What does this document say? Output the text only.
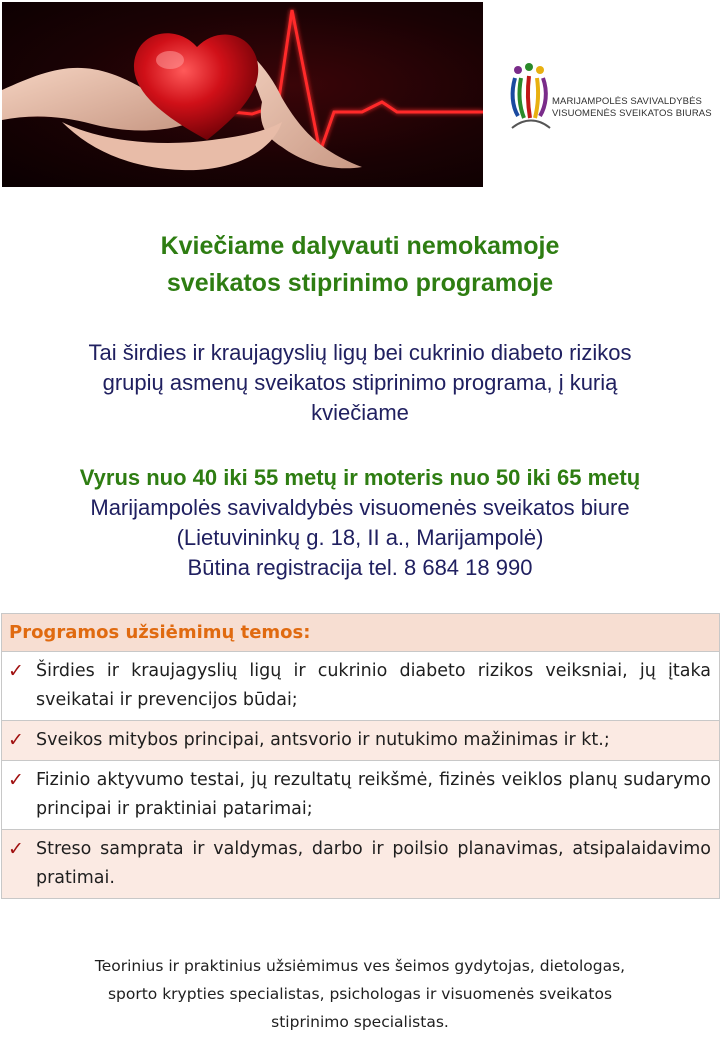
MARIJAMPOLĖS SAVIVALDYBĖS
VISUOMENĖS SVEIKATOS BIURAS
Kviečiame dalyvauti nemokamoje
sveikatos stiprinimo programoje
Tai širdies ir kraujagyslių ligų bei cukrinio diabeto rizikos
grupių asmenų sveikatos stiprinimo programa, į kurią
kviečiame
Vyrus nuo 40 iki 55 metų ir moteris nuo 50 iki 65 metų
Marijampolės savivaldybės visuomenės sveikatos biure
(Lietuvininkų g. 18, II a., Marijampolė)
Būtina registracija tel. 8 684 18 990
Programos užsiėmimų temos:
✓ Širdies ir kraujagyslių ligų ir cukrinio diabeto rizikos veiksniai, jų įtaka sveikatai ir prevencijos būdai;
✓ Sveikos mitybos principai, antsvorio ir nutukimo mažinimas ir kt.;
✓ Fizinio aktyvumo testai, jų rezultatų reikšmė, fizinės veiklos planų sudarymo principai ir praktiniai patarimai;
✓ Streso samprata ir valdymas, darbo ir poilsio planavimas, atsipalaidavimo pratimai.
Teorinius ir praktinius užsiėmimus ves šeimos gydytojas, dietologas,
sporto krypties specialistas, psichologas ir visuomenės sveikatos
stiprinimo specialistas.
